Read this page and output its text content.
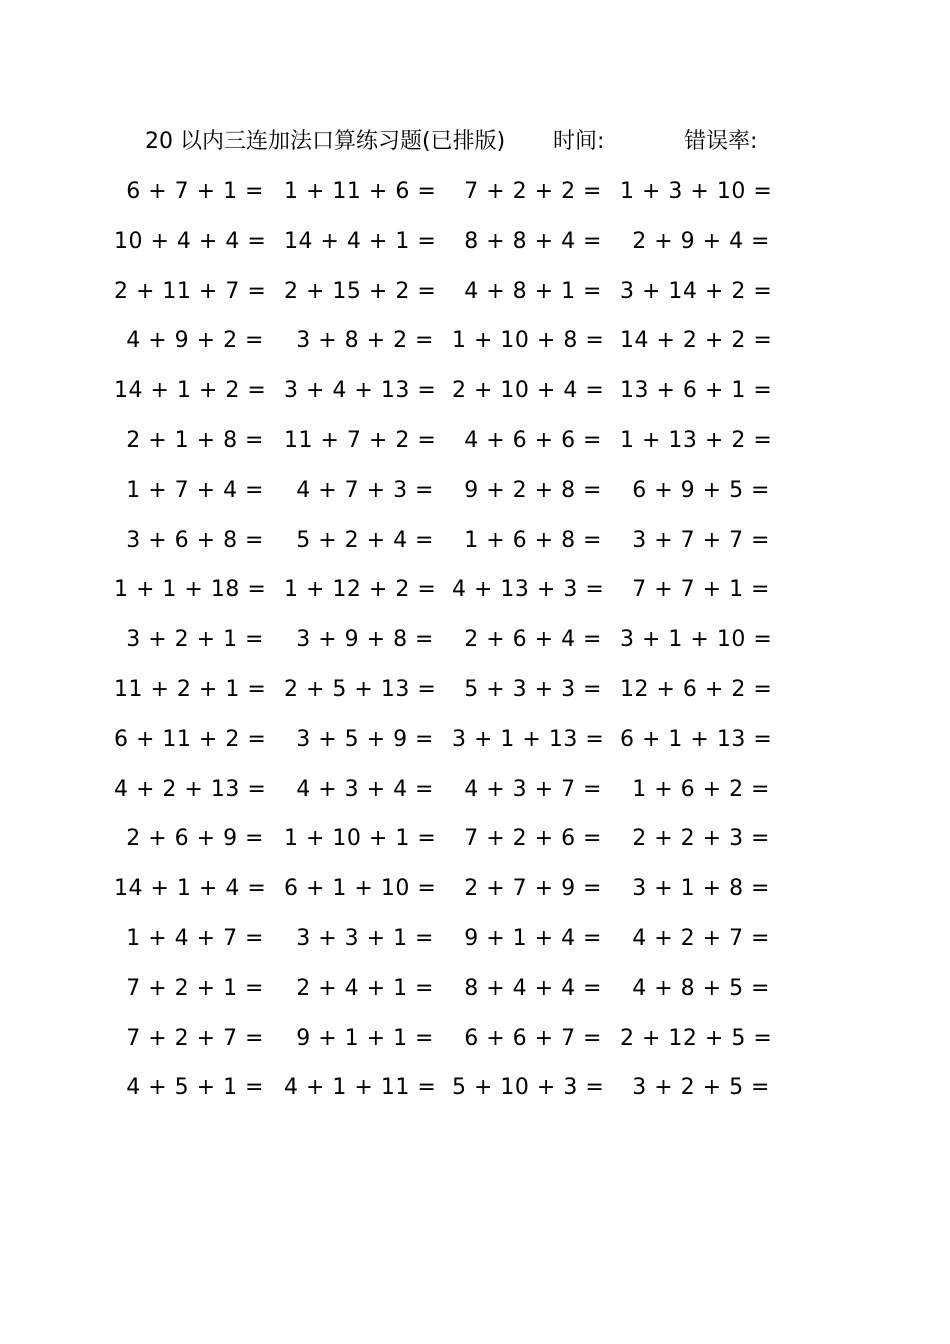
20 以内三连加法口算练习题(已排版) 时间:	错误率:
6 + 7 + 1 = 1 + 11 + 6 =	7 + 2 + 2 = 1 + 3 + 10 =
10 + 4 + 4 = 14 + 4 + 1 =	8 + 8 + 4 =	2 + 9 + 4 =
2 + 11 + 7 = 2 + 15 + 2 =	4 + 8 + 1 = 3 + 14 + 2 =
4 + 9 + 2 =	3 + 8 + 2 = 1 + 10 + 8 = 14 + 2 + 2 =
14 + 1 + 2 = 3 + 4 + 13 = 2 + 10 + 4 = 13 + 6 + 1 =
2 + 1 + 8 = 11 + 7 + 2 =	4 + 6 + 6 = 1 + 13 + 2 =
1 + 7 + 4 =	4 + 7 + 3 =	9 + 2 + 8 =	6 + 9 + 5 =
3 + 6 + 8 =	5 + 2 + 4 =	1 + 6 + 8 =	3 + 7 + 7 =
1 + 1 + 18 = 1 + 12 + 2 = 4 + 13 + 3 =	7 + 7 + 1 =
3 + 2 + 1 =	3 + 9 + 8 =	2 + 6 + 4 = 3 + 1 + 10 =
11 + 2 + 1 = 2 + 5 + 13 =	5 + 3 + 3 = 12 + 6 + 2 =
6 + 11 + 2 =	3 + 5 + 9 = 3 + 1 + 13 = 6 + 1 + 13 =
4 + 2 + 13 =	4 + 3 + 4 =	4 + 3 + 7 =	1 + 6 + 2 =
2 + 6 + 9 = 1 + 10 + 1 =	7 + 2 + 6 =	2 + 2 + 3 =
14 + 1 + 4 = 6 + 1 + 10 =	2 + 7 + 9 =	3 + 1 + 8 =
1 + 4 + 7 =	3 + 3 + 1 =	9 + 1 + 4 =	4 + 2 + 7 =
7 + 2 + 1 =	2 + 4 + 1 =	8 + 4 + 4 =	4 + 8 + 5 =
7 + 2 + 7 =	9 + 1 + 1 =	6 + 6 + 7 = 2 + 12 + 5 =
4 + 5 + 1 = 4 + 1 + 11 = 5 + 10 + 3 =	3 + 2 + 5 =
